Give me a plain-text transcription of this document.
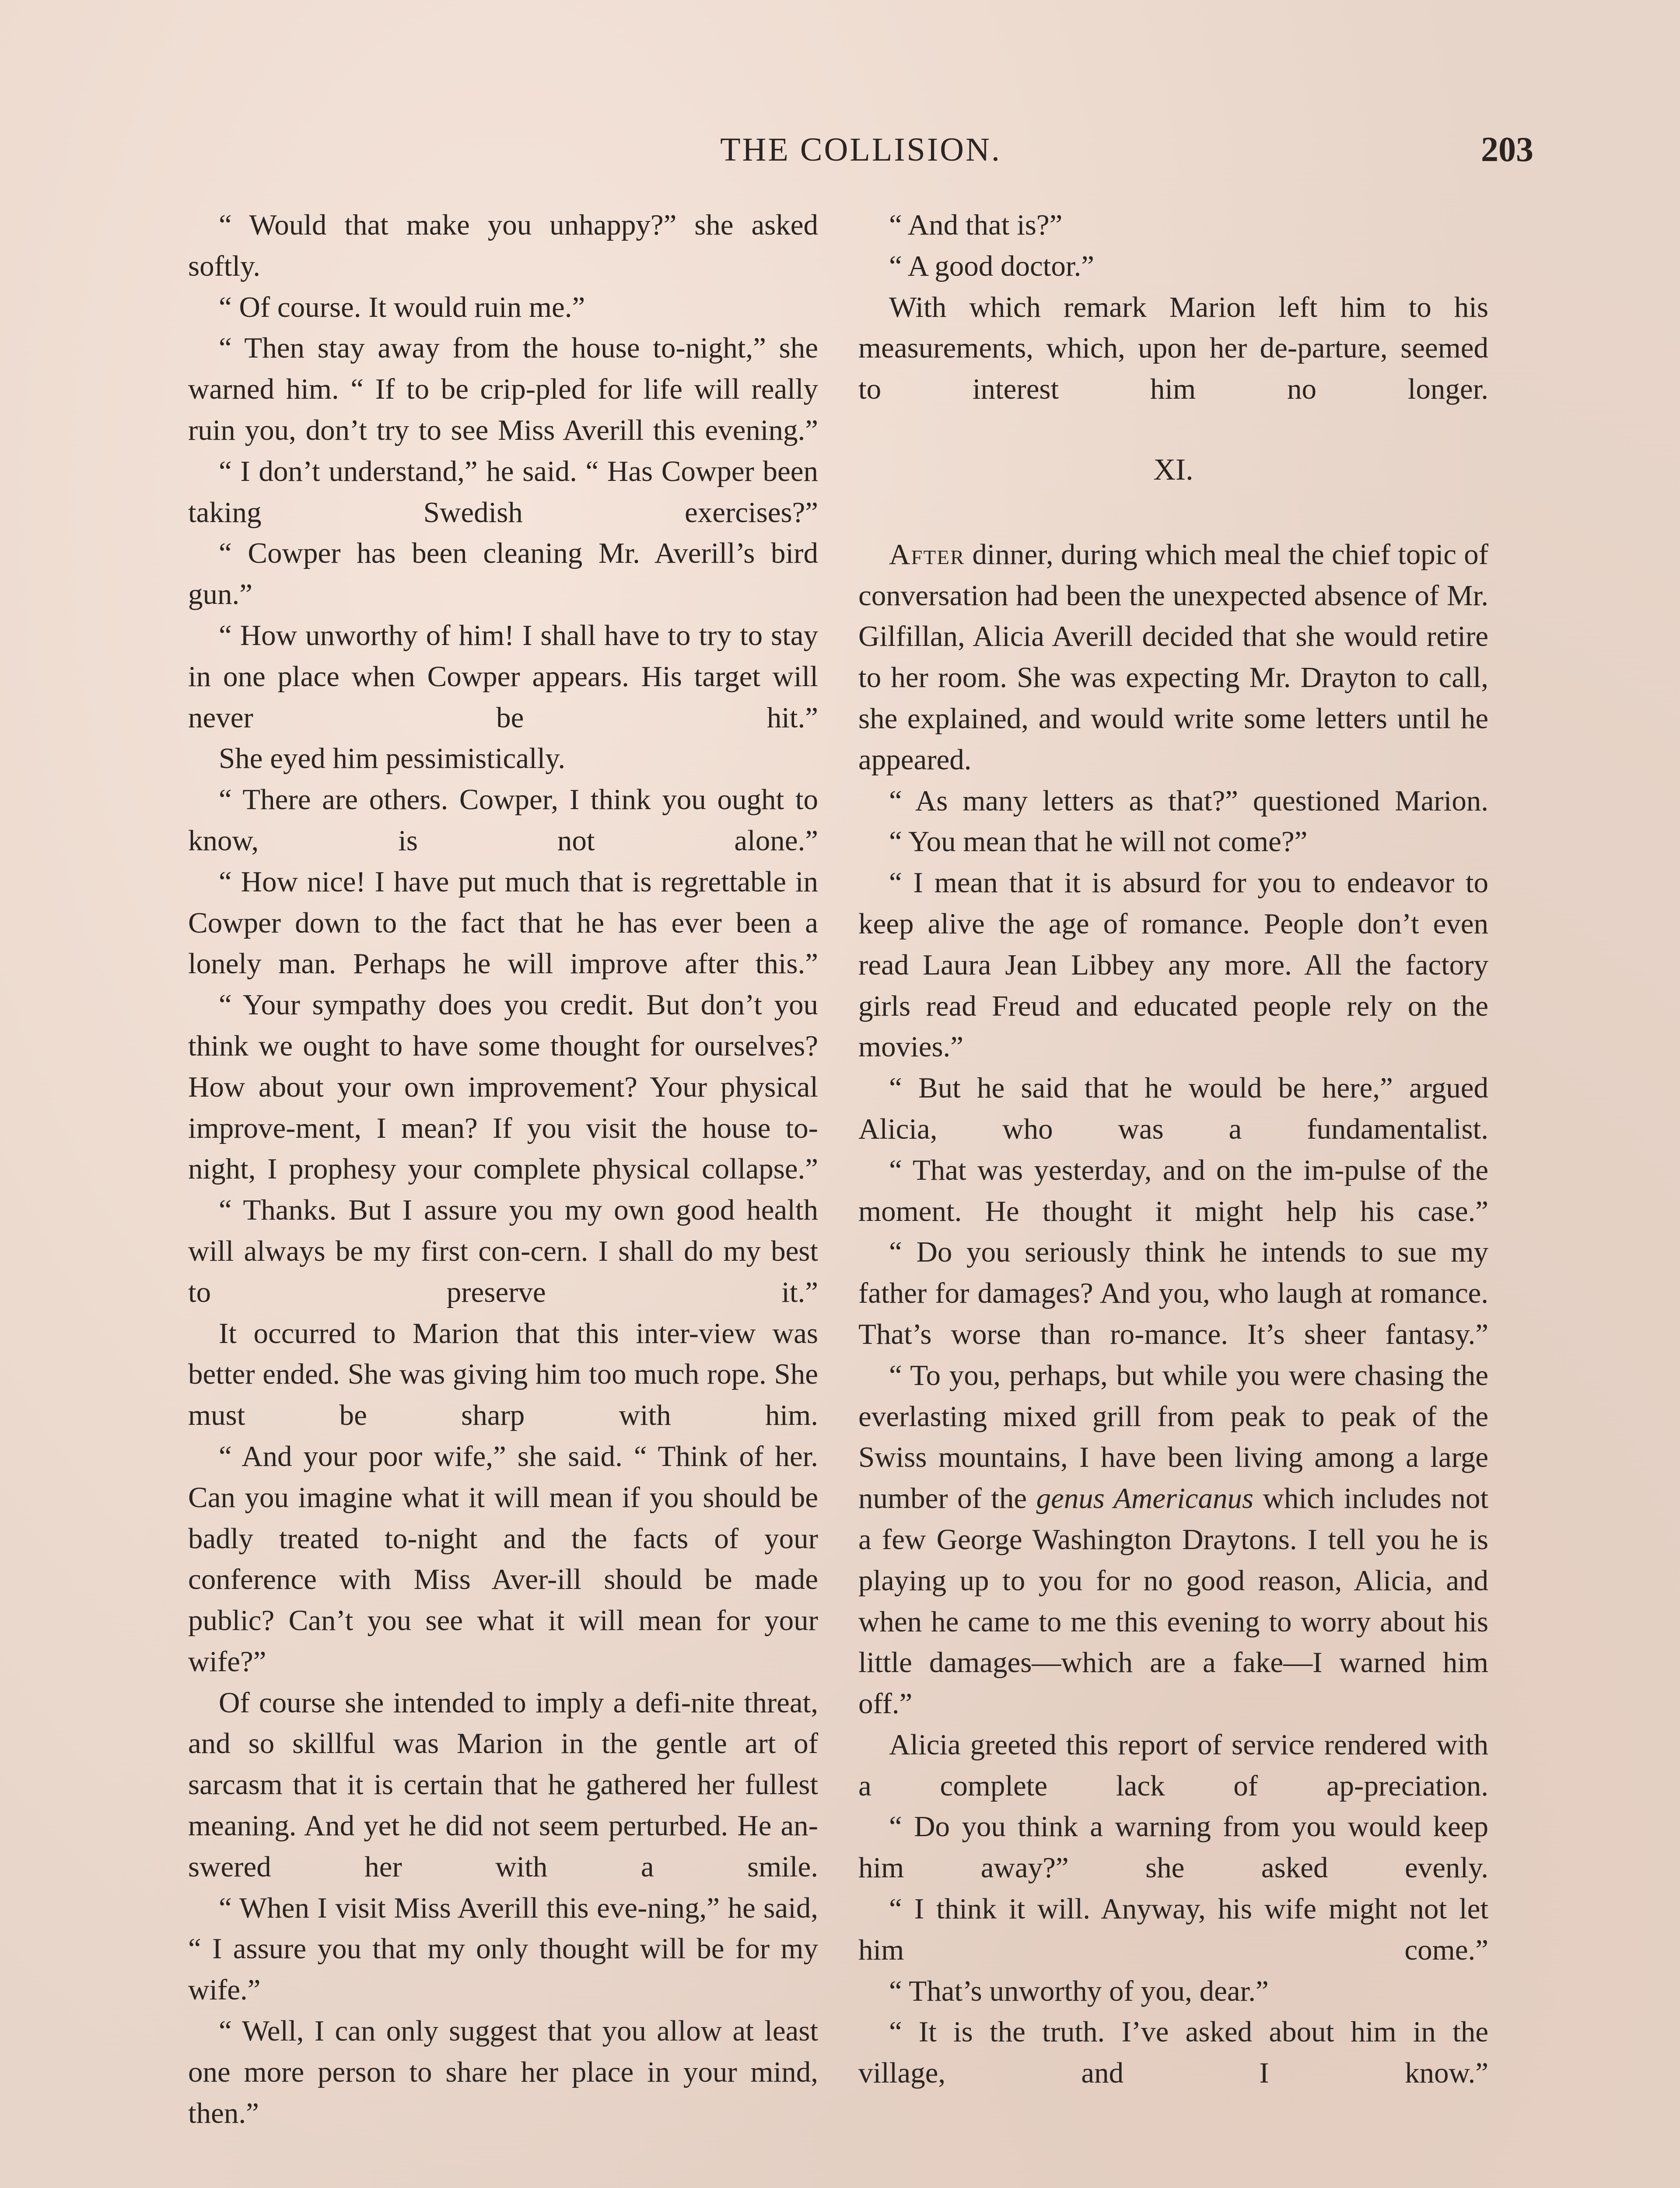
THE COLLISION.	203

“ Would that make you unhappy?” she asked softly.

“ Of course. It would ruin me.”

“ Then stay away from the house to-night,” she warned him. “ If to be crip-pled for life will really ruin you, don’t try to see Miss Averill this evening.”

“ I don’t understand,” he said. “ Has Cowper been taking Swedish exercises?”

“ Cowper has been cleaning Mr. Averill’s bird gun.”

“ How unworthy of him! I shall have to try to stay in one place when Cowper appears. His target will never be hit.”

She eyed him pessimistically.

“ There are others. Cowper, I think you ought to know, is not alone.”

“ How nice! I have put much that is regrettable in Cowper down to the fact that he has ever been a lonely man. Perhaps he will improve after this.”

“ Your sympathy does you credit. But don’t you think we ought to have some thought for ourselves? How about your own improvement? Your physical improve-ment, I mean? If you visit the house to-night, I prophesy your complete physical collapse.”

“ Thanks. But I assure you my own good health will always be my first con-cern. I shall do my best to preserve it.”

It occurred to Marion that this inter-view was better ended. She was giving him too much rope. She must be sharp with him.

“ And your poor wife,” she said. “ Think of her. Can you imagine what it will mean if you should be badly treated to-night and the facts of your conference with Miss Aver-ill should be made public? Can’t you see what it will mean for your wife?”

Of course she intended to imply a defi-nite threat, and so skillful was Marion in the gentle art of sarcasm that it is certain that he gathered her fullest meaning. And yet he did not seem perturbed. He an-swered her with a smile.

“ When I visit Miss Averill this eve-ning,” he said, “ I assure you that my only thought will be for my wife.”

“ Well, I can only suggest that you allow at least one more person to share her place in your mind, then.”

“ And that is?”

“ A good doctor.”

With which remark Marion left him to his measurements, which, upon her de-parture, seemed to interest him no longer.

XI.

After dinner, during which meal the chief topic of conversation had been the unexpected absence of Mr. Gilfillan, Alicia Averill decided that she would retire to her room. She was expecting Mr. Drayton to call, she explained, and would write some letters until he appeared.

“ As many letters as that?” questioned Marion.

“ You mean that he will not come?”

“ I mean that it is absurd for you to endeavor to keep alive the age of romance. People don’t even read Laura Jean Libbey any more. All the factory girls read Freud and educated people rely on the movies.”

“ But he said that he would be here,” argued Alicia, who was a fundamentalist.

“ That was yesterday, and on the im-pulse of the moment. He thought it might help his case.”

“ Do you seriously think he intends to sue my father for damages? And you, who laugh at romance. That’s worse than ro-mance. It’s sheer fantasy.”

“ To you, perhaps, but while you were chasing the everlasting mixed grill from peak to peak of the Swiss mountains, I have been living among a large number of the genus Americanus which includes not a few George Washington Draytons. I tell you he is playing up to you for no good reason, Alicia, and when he came to me this evening to worry about his little damages—which are a fake—I warned him off.”

Alicia greeted this report of service rendered with a complete lack of ap-preciation.

“ Do you think a warning from you would keep him away?” she asked evenly.

“ I think it will. Anyway, his wife might not let him come.”

“ That’s unworthy of you, dear.”

“ It is the truth. I’ve asked about him in the village, and I know.”
